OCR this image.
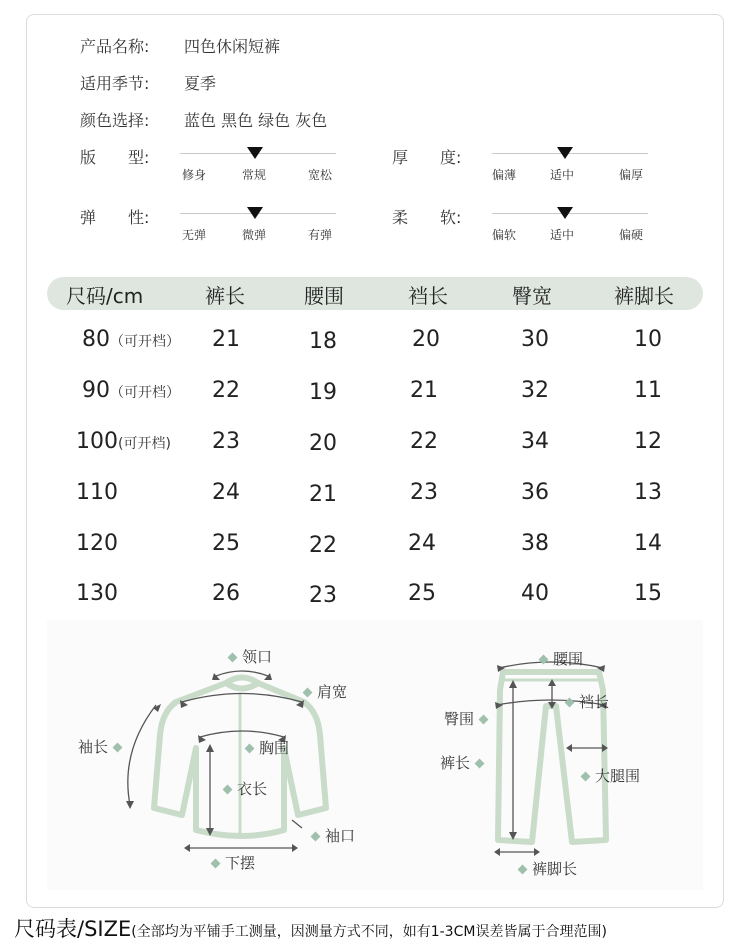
产品名称: 四色休闲短裤
适用季节: 夏季
颜色选择: 蓝色 黑色 绿色 灰色
版　　型:
修身	常规	宽松
厚　　度:
偏薄	适中	偏厚
弹　　性:
无弹	微弹	有弹
柔　　软:
偏软	适中	偏硬
尺码/cm	裤长	腰围	裆长	臀宽	裤脚长
80（可开档） 21	18	20	30	10
90（可开档） 22	19	21	32	11
100(可开档) 23	20	22	34	12
110	24	21	23	36	13
120	25	22	24	38	14
130	26	23	25	40	15
领口
肩宽
袖长	胸围
衣长
袖口
下摆
腰围
裆长
臀围
裤长
大腿围
裤脚长
尺码表/SIZE(全部均为平铺手工测量，因测量方式不同，如有1-3CM误差皆属于合理范围)
